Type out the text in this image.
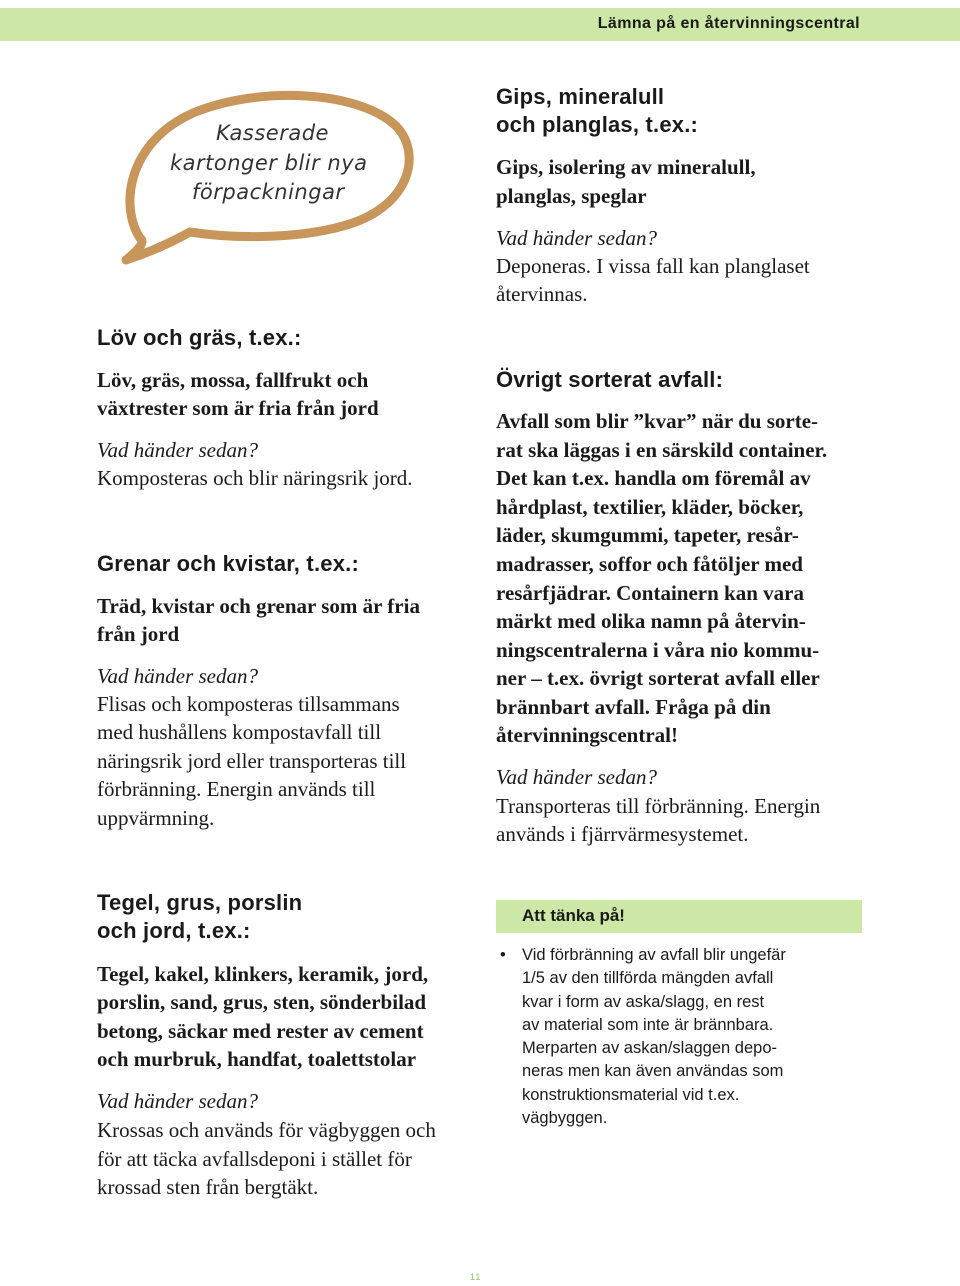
Lämna på en återvinningscentral
Kasserade
kartonger blir nya
förpackningar
Löv och gräs, t.ex.:
Löv, gräs, mossa, fallfrukt och
växtrester som är fria från jord
Vad händer sedan?
Komposteras och blir näringsrik jord.
Grenar och kvistar, t.ex.:
Träd, kvistar och grenar som är fria
från jord
Vad händer sedan?
Flisas och komposteras tillsammans
med hushållens kompostavfall till
näringsrik jord eller transporteras till
förbränning. Energin används till
uppvärmning.
Tegel, grus, porslin
och jord, t.ex.:
Tegel, kakel, klinkers, keramik, jord,
porslin, sand, grus, sten, sönderbilad
betong, säckar med rester av cement
och murbruk, handfat, toalettstolar
Vad händer sedan?
Krossas och används för vägbyggen och
för att täcka avfallsdeponi i stället för
krossad sten från bergtäkt.
Gips, mineralull
och planglas, t.ex.:
Gips, isolering av mineralull,
planglas, speglar
Vad händer sedan?
Deponeras. I vissa fall kan planglaset
återvinnas.
Övrigt sorterat avfall:
Avfall som blir ”kvar” när du sorte-
rat ska läggas i en särskild container.
Det kan t.ex. handla om föremål av
hårdplast, textilier, kläder, böcker,
läder, skumgummi, tapeter, resår-
madrasser, soffor och fåtöljer med
resårfjädrar. Containern kan vara
märkt med olika namn på återvin-
ningscentralerna i våra nio kommu-
ner – t.ex. övrigt sorterat avfall eller
brännbart avfall. Fråga på din
återvinningscentral!
Vad händer sedan?
Transporteras till förbränning. Energin
används i fjärrvärmesystemet.
Att tänka på!
• Vid förbränning av avfall blir ungefär
1/5 av den tillförda mängden avfall
kvar i form av aska/slagg, en rest
av material som inte är brännbara.
Merparten av askan/slaggen depo-
neras men kan även användas som
konstruktionsmaterial vid t.ex.
vägbyggen.
11
